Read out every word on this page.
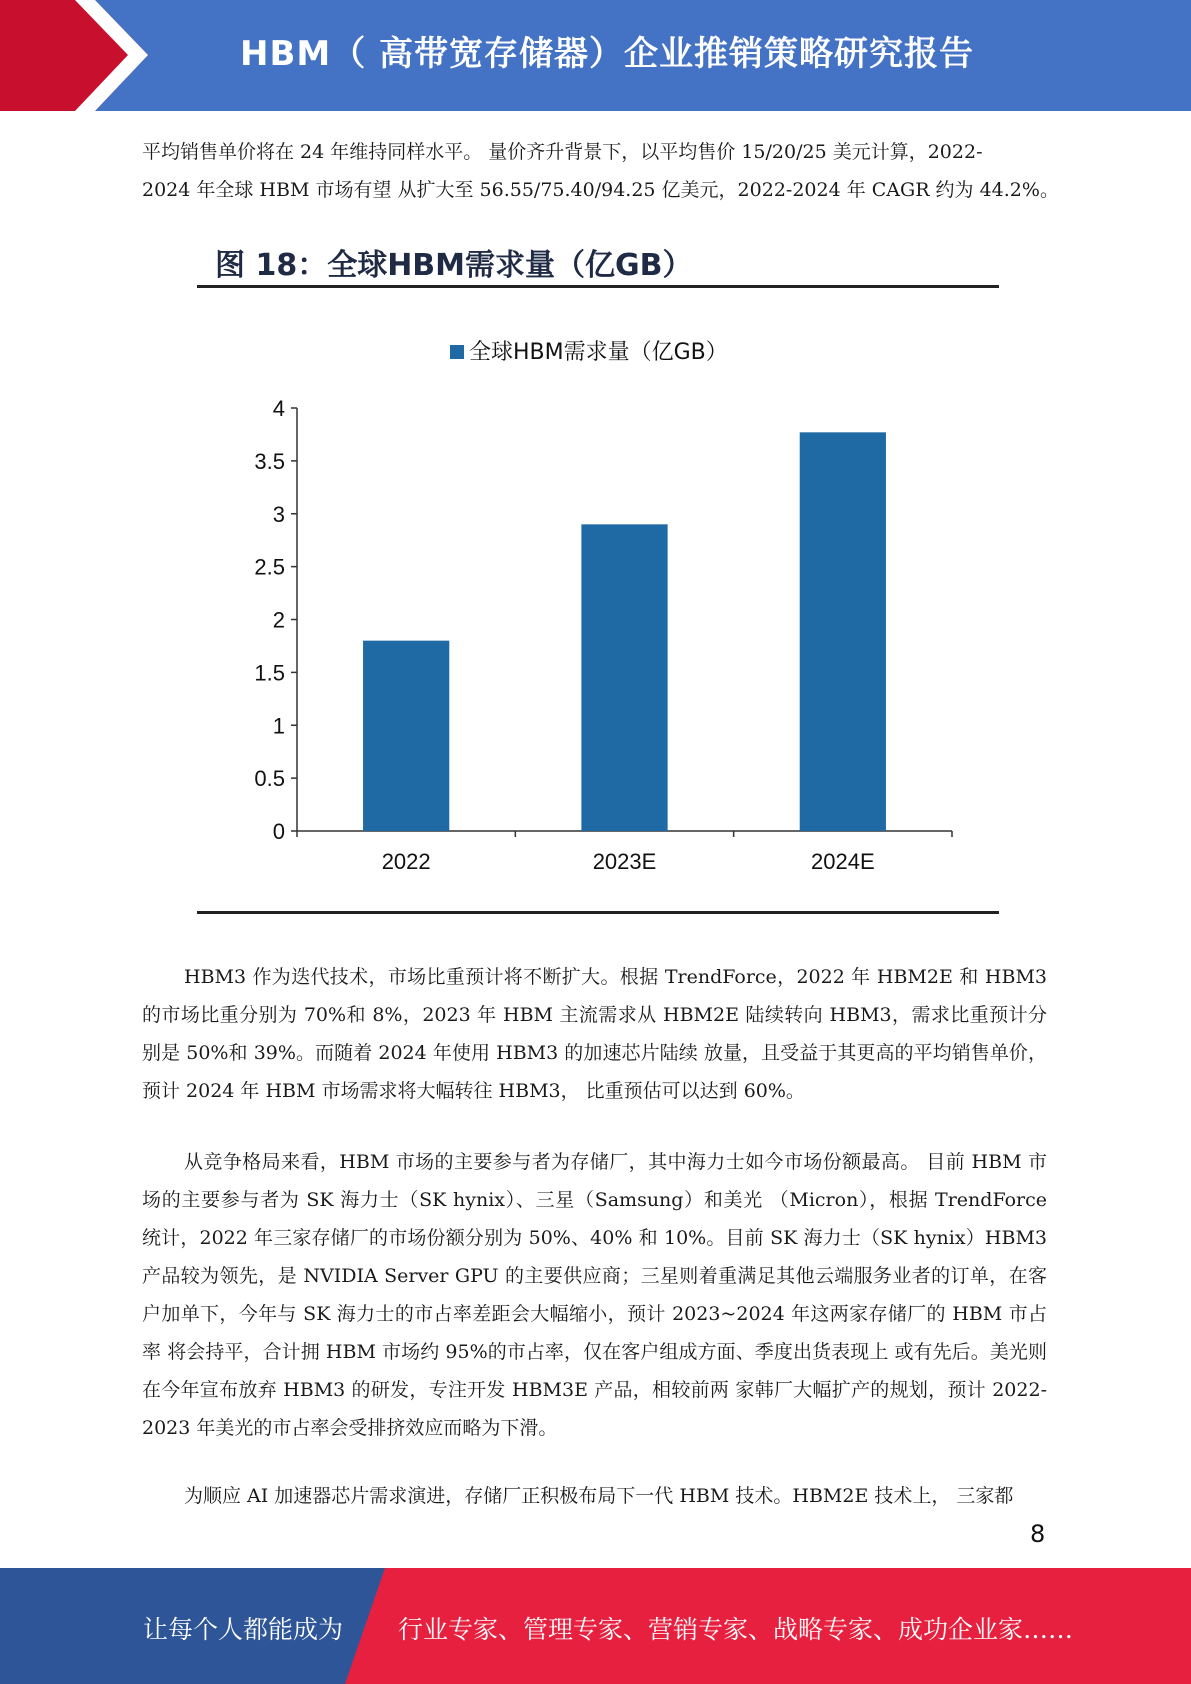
HBM（ 高带宽存储器）企业推销策略研究报告
平均销售单价将在 24 年维持同样水平。 量价齐升背景下，以平均售价 15/20/25 美元计算，2022-
2024 年全球 HBM 市场有望 从扩大至 56.55/75.40/94.25 亿美元，2022-2024 年 CAGR 约为 44.2%。
图 18：全球HBM需求量（亿GB）
全球HBM需求量（亿GB）
0
0.5
1
1.5
2
2.5
3
3.5
4
2022	2023E	2024E
HBM3 作为迭代技术，市场比重预计将不断扩大。根据 TrendForce，2022 年 HBM2E 和 HBM3 的市场比重分别为 70%和 8%，2023 年 HBM 主流需求从 HBM2E 陆续转向 HBM3，需求比重预计分别是 50%和 39%。而随着 2024 年使用 HBM3 的加速芯片陆续 放量，且受益于其更高的平均销售单价，预计 2024 年 HBM 市场需求将大幅转往 HBM3， 比重预估可以达到 60%。
从竞争格局来看，HBM 市场的主要参与者为存储厂，其中海力士如今市场份额最高。 目前 HBM 市场的主要参与者为 SK 海力士（SK hynix）、三星（Samsung）和美光 （Micron），根据 TrendForce 统计，2022 年三家存储厂的市场份额分别为 50%、40% 和 10%。目前 SK 海力士（SK hynix）HBM3 产品较为领先，是 NVIDIA Server GPU 的主要供应商；三星则着重满足其他云端服务业者的订单，在客户加单下，今年与 SK 海力士的市占率差距会大幅缩小，预计 2023~2024 年这两家存储厂的 HBM 市占率 将会持平，合计拥 HBM 市场约 95%的市占率，仅在客户组成方面、季度出货表现上 或有先后。美光则在今年宣布放弃 HBM3 的研发，专注开发 HBM3E 产品，相较前两 家韩厂大幅扩产的规划，预计 2022-2023 年美光的市占率会受排挤效应而略为下滑。
为顺应 AI 加速器芯片需求演进，存储厂正积极布局下一代 HBM 技术。HBM2E 技术上， 三家都
8
让每个人都能成为 行业专家、管理专家、营销专家、战略专家、成功企业家……
